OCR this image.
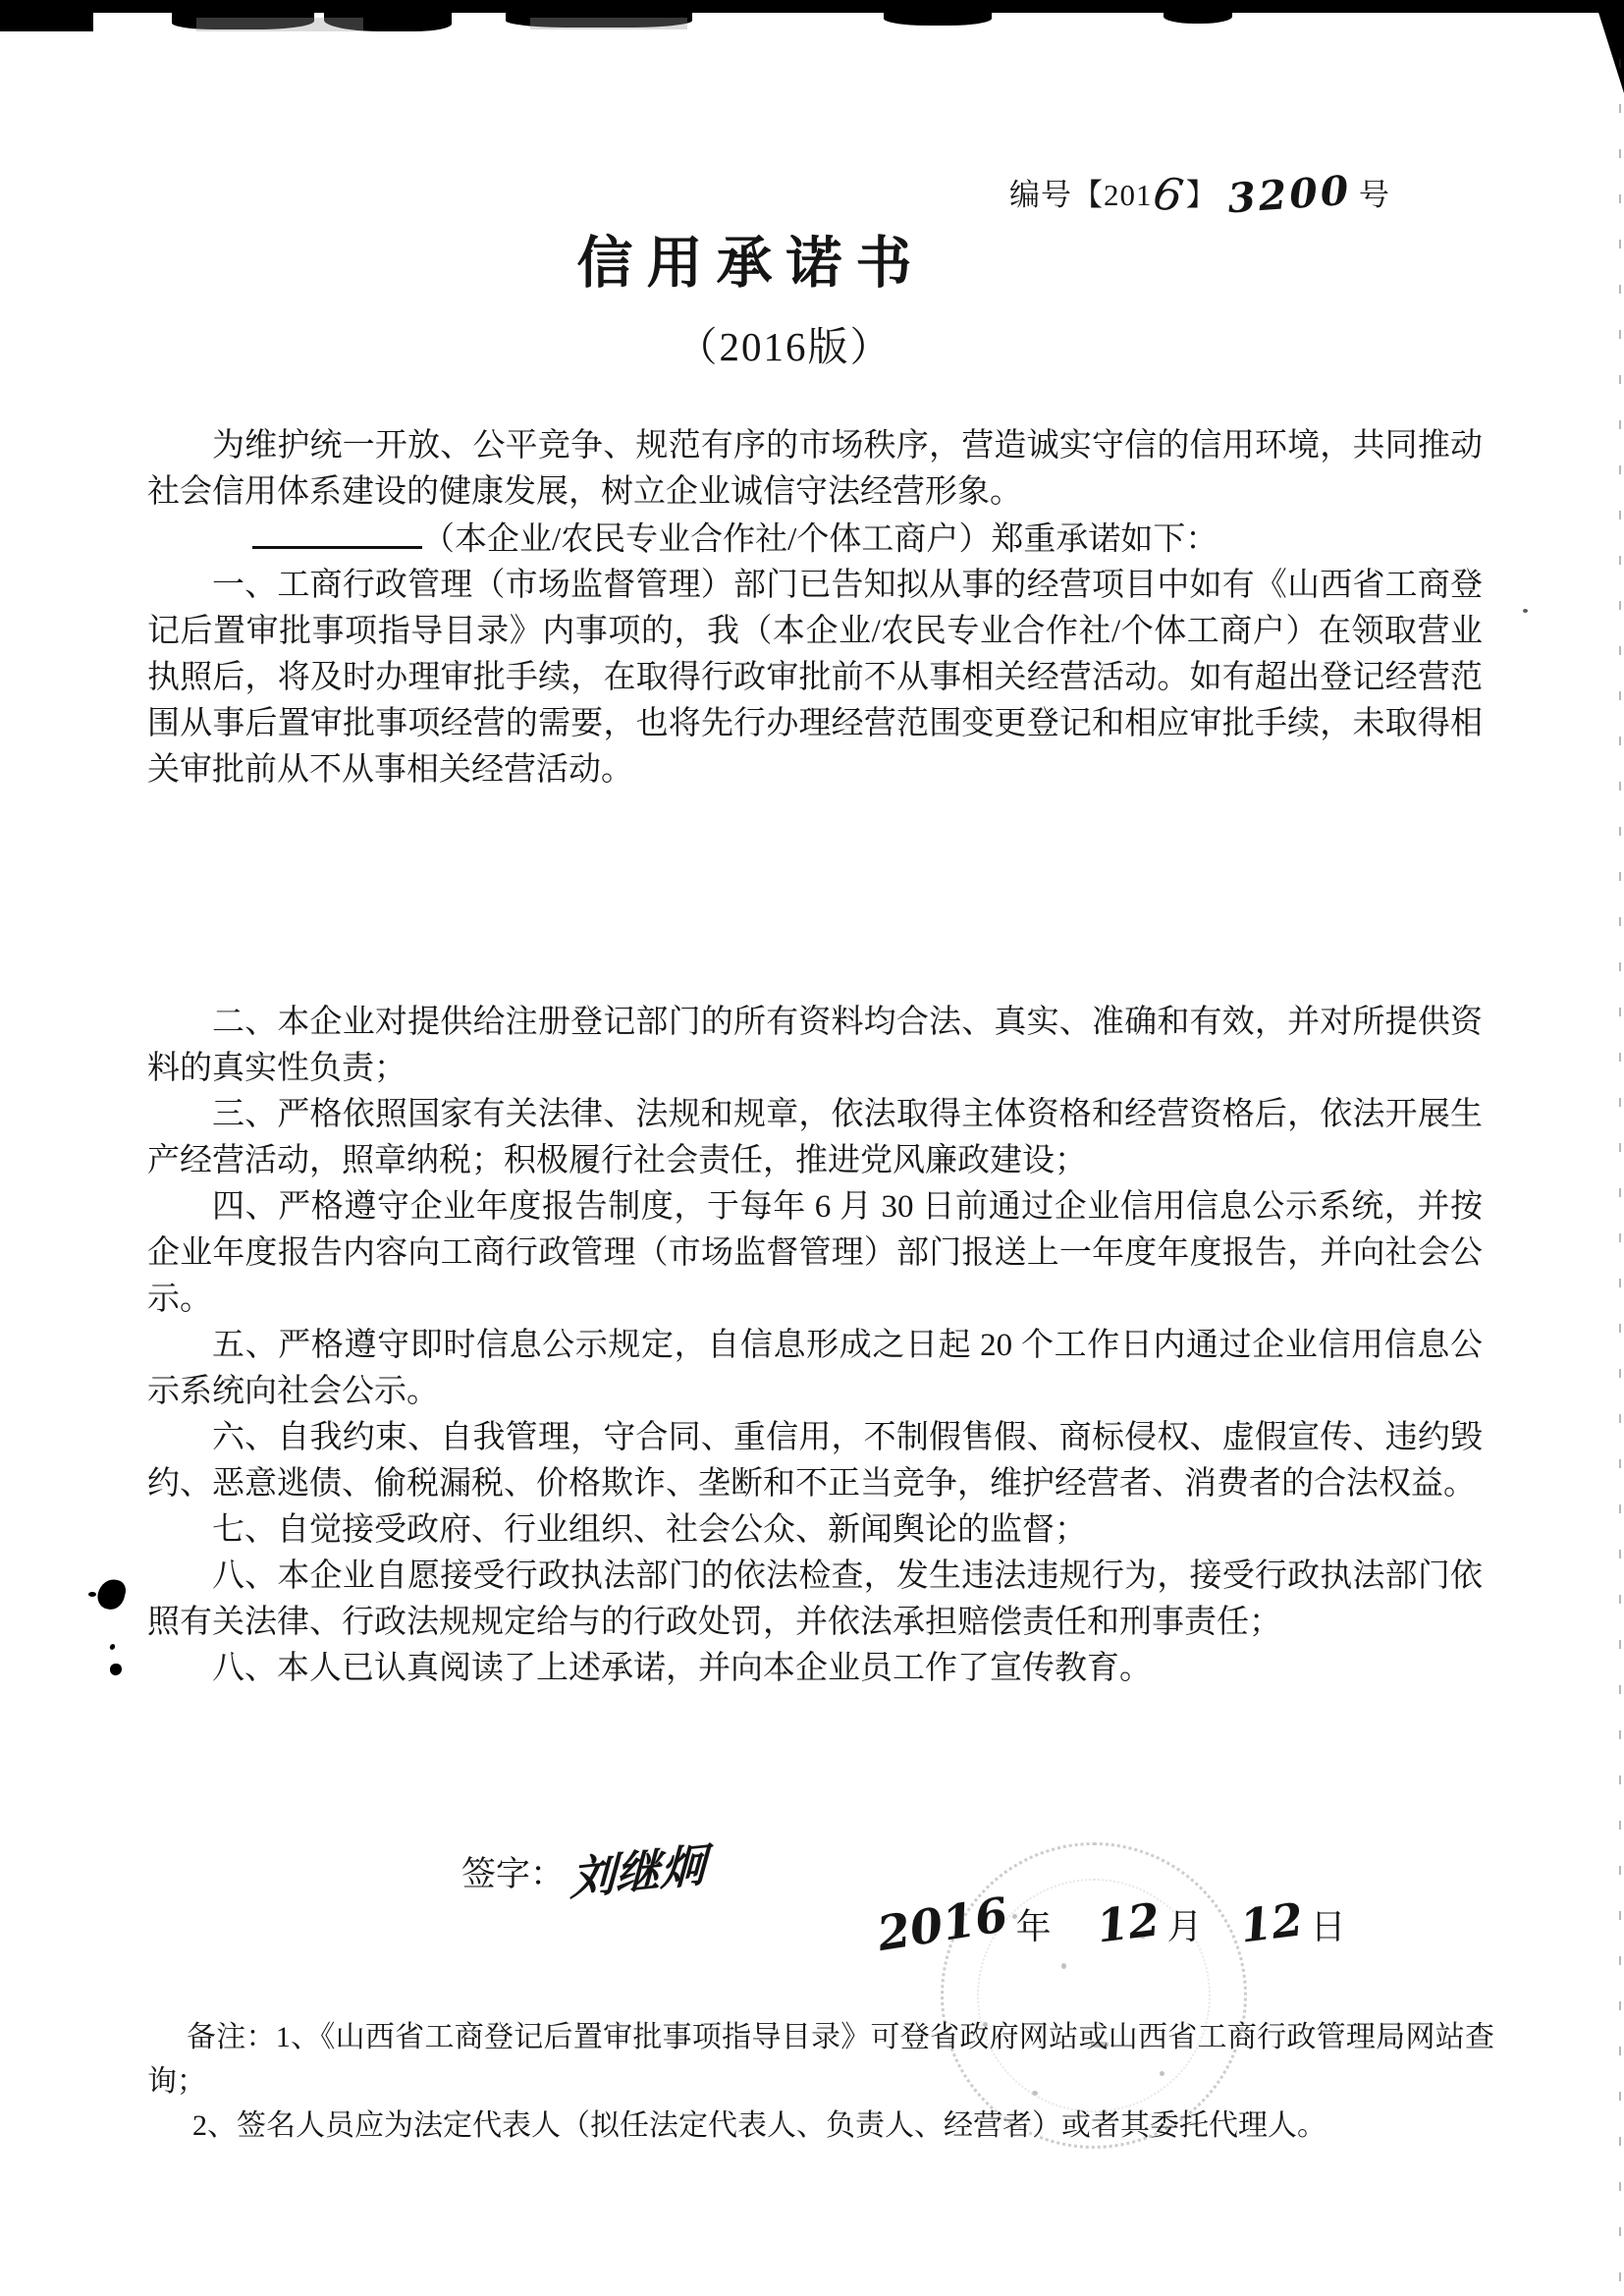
编号【2016】 3200 号
信用承诺书
（2016版）

为维护统一开放、公平竞争、规范有序的市场秩序，营造诚实守信的信用环境，共同推动社会信用体系建设的健康发展，树立企业诚信守法经营形象。

（本企业/农民专业合作社/个体工商户）郑重承诺如下：

一、工商行政管理（市场监督管理）部门已告知拟从事的经营项目中如有《山西省工商登记后置审批事项指导目录》内事项的，我（本企业/农民专业合作社/个体工商户）在领取营业执照后，将及时办理审批手续，在取得行政审批前不从事相关经营活动。如有超出登记经营范围从事后置审批事项经营的需要，也将先行办理经营范围变更登记和相应审批手续，未取得相关审批前从不从事相关经营活动。

二、本企业对提供给注册登记部门的所有资料均合法、真实、准确和有效，并对所提供资料的真实性负责；

三、严格依照国家有关法律、法规和规章，依法取得主体资格和经营资格后，依法开展生产经营活动，照章纳税；积极履行社会责任，推进党风廉政建设；

四、严格遵守企业年度报告制度，于每年 6 月 30 日前通过企业信用信息公示系统，并按企业年度报告内容向工商行政管理（市场监督管理）部门报送上一年度年度报告，并向社会公示。

五、严格遵守即时信息公示规定，自信息形成之日起 20 个工作日内通过企业信用信息公示系统向社会公示。

六、自我约束、自我管理，守合同、重信用，不制假售假、商标侵权、虚假宣传、违约毁约、恶意逃债、偷税漏税、价格欺诈、垄断和不正当竞争，维护经营者、消费者的合法权益。

七、自觉接受政府、行业组织、社会公众、新闻舆论的监督；

八、本企业自愿接受行政执法部门的依法检查，发生违法违规行为，接受行政执法部门依照有关法律、行政法规规定给与的行政处罚，并依法承担赔偿责任和刑事责任；

八、本人已认真阅读了上述承诺，并向本企业员工作了宣传教育。

签字： 刘继炯
2016 年 12 月 12 日

备注：1、《山西省工商登记后置审批事项指导目录》可登省政府网站或山西省工商行政管理局网站查询；

2、签名人员应为法定代表人（拟任法定代表人、负责人、经营者）或者其委托代理人。
